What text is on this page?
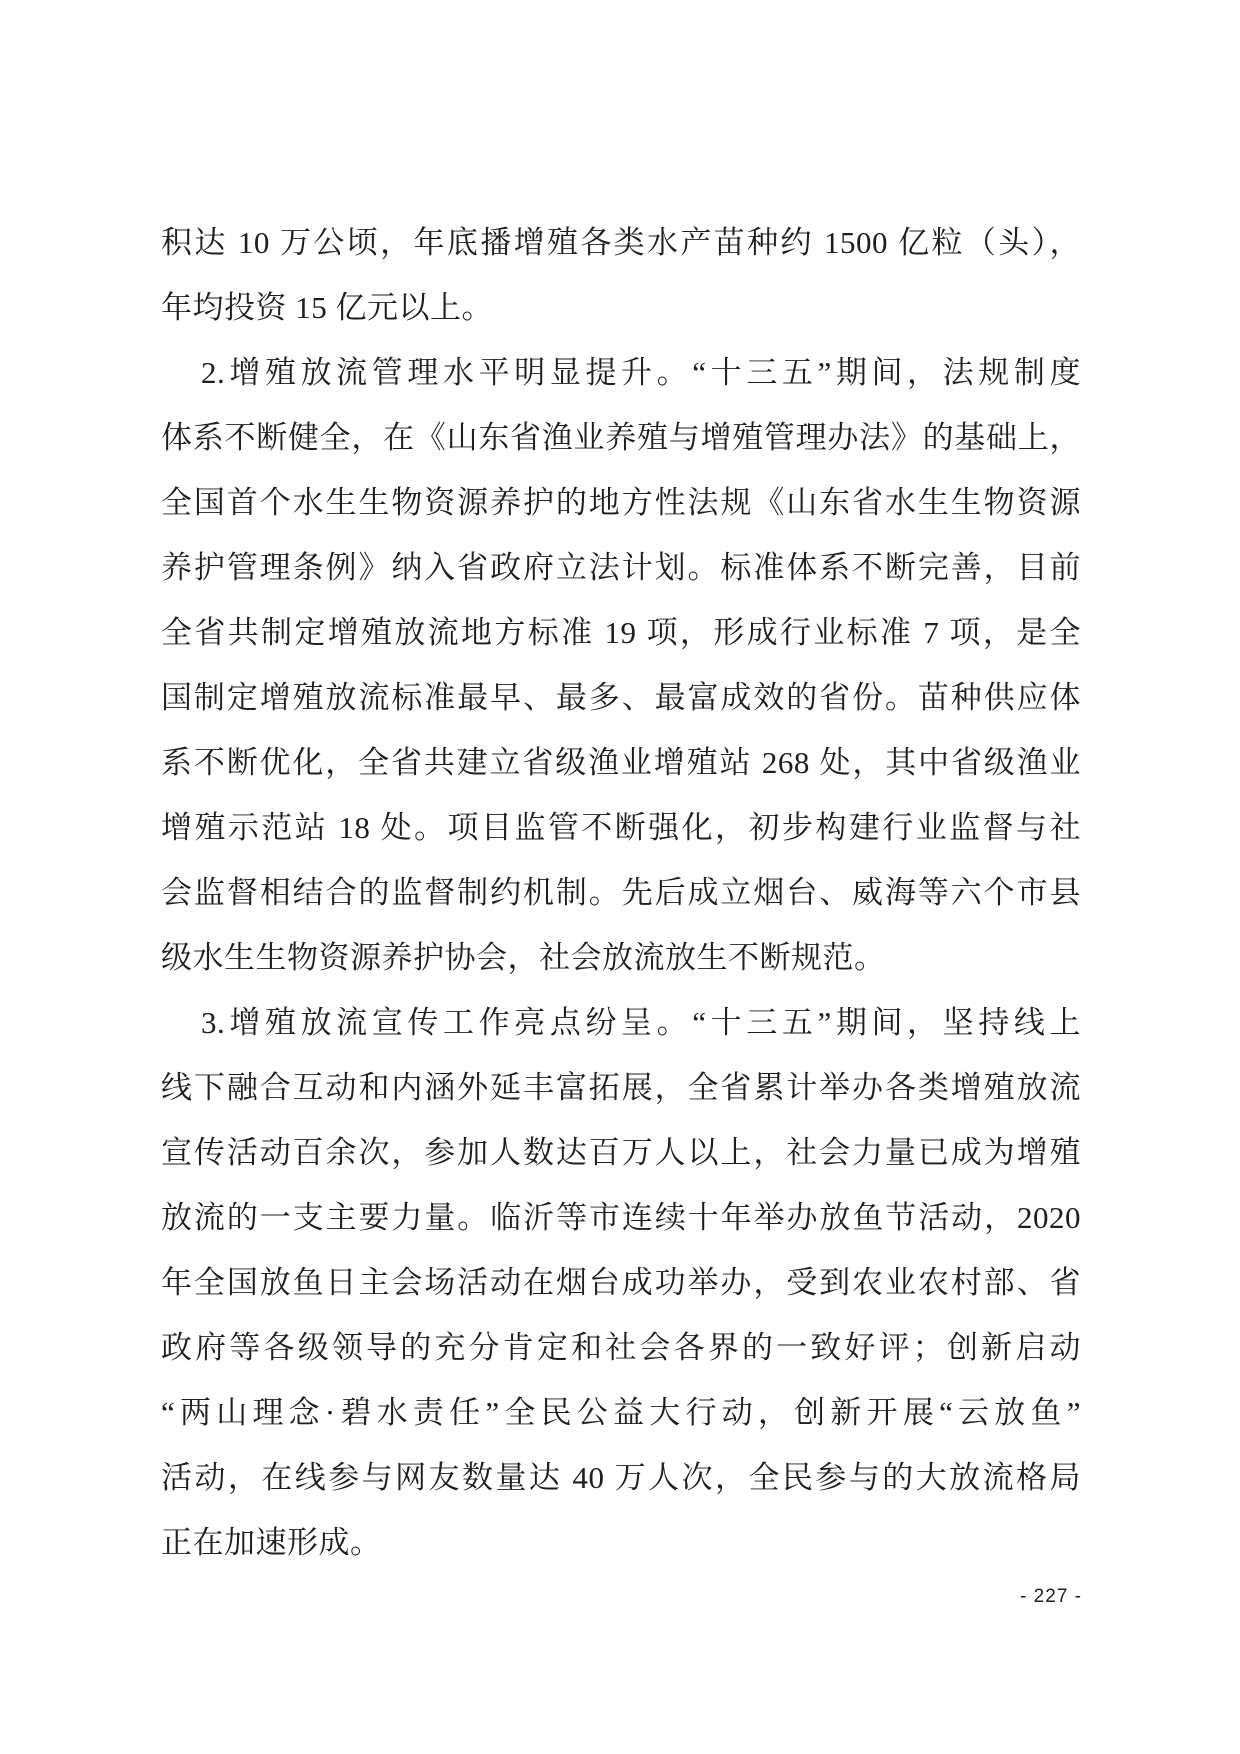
积达 10 万公顷，年底播增殖各类水产苗种约 1500 亿粒（头），
年均投资 15 亿元以上。
2.增殖放流管理水平明显提升。“十三五”期间，法规制度
体系不断健全，在《山东省渔业养殖与增殖管理办法》的基础上，
全国首个水生生物资源养护的地方性法规《山东省水生生物资源
养护管理条例》纳入省政府立法计划。标准体系不断完善，目前
全省共制定增殖放流地方标准 19 项，形成行业标准 7 项，是全
国制定增殖放流标准最早、最多、最富成效的省份。苗种供应体
系不断优化，全省共建立省级渔业增殖站 268 处，其中省级渔业
增殖示范站 18 处。项目监管不断强化，初步构建行业监督与社
会监督相结合的监督制约机制。先后成立烟台、威海等六个市县
级水生生物资源养护协会，社会放流放生不断规范。
3.增殖放流宣传工作亮点纷呈。“十三五”期间，坚持线上
线下融合互动和内涵外延丰富拓展，全省累计举办各类增殖放流
宣传活动百余次，参加人数达百万人以上，社会力量已成为增殖
放流的一支主要力量。临沂等市连续十年举办放鱼节活动，2020
年全国放鱼日主会场活动在烟台成功举办，受到农业农村部、省
政府等各级领导的充分肯定和社会各界的一致好评；创新启动
“两山理念·碧水责任”全民公益大行动，创新开展“云放鱼”
活动，在线参与网友数量达 40 万人次，全民参与的大放流格局
正在加速形成。
- 227 -
